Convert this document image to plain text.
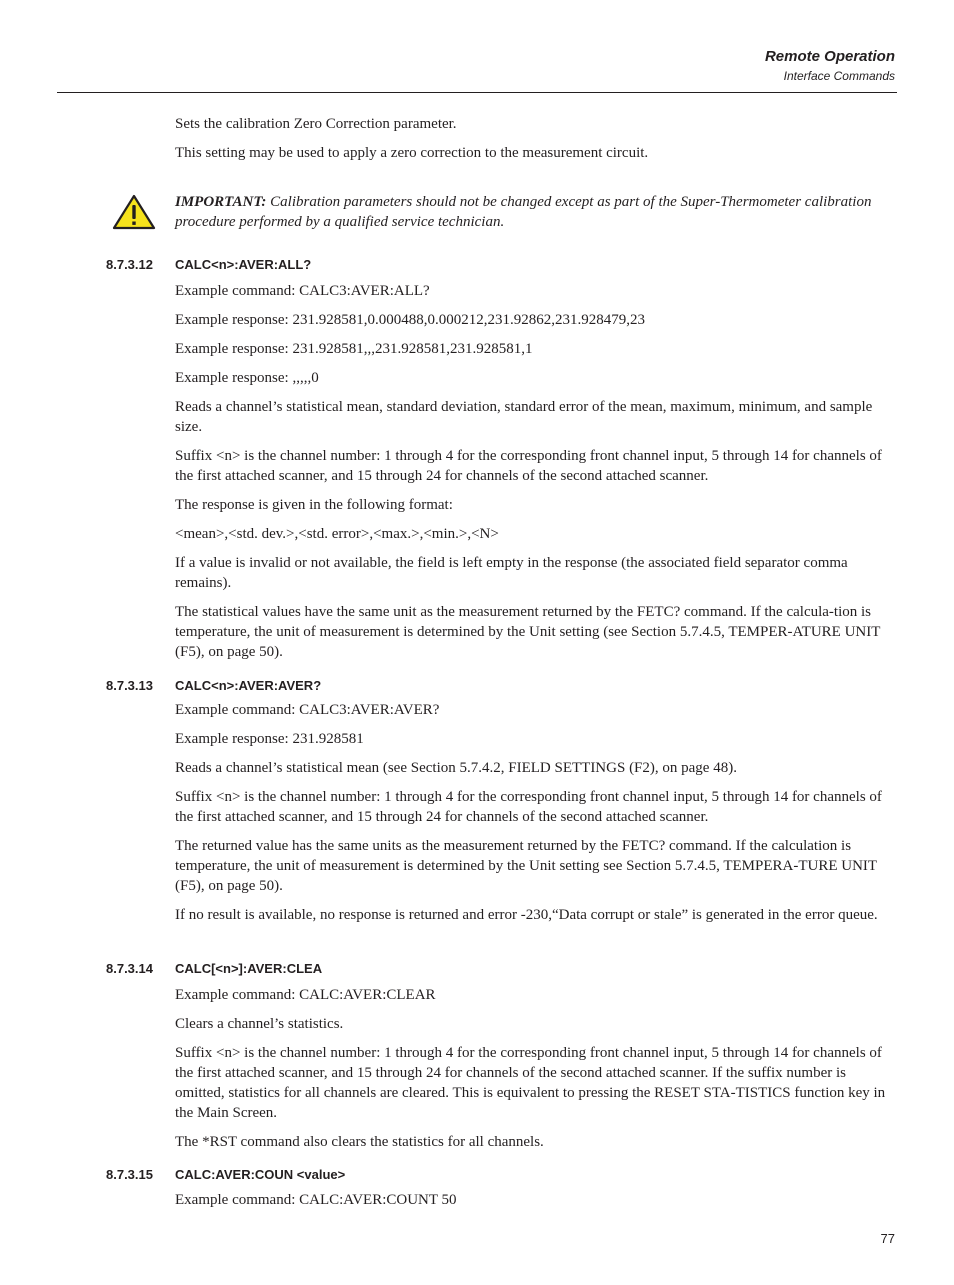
Remote Operation
Interface Commands

Sets the calibration Zero Correction parameter.

This setting may be used to apply a zero correction to the measurement circuit.

IMPORTANT: Calibration parameters should not be changed except as part of the Super-Thermometer calibration procedure performed by a qualified service technician.
8.7.3.12 CALC<n>:AVER:ALL?

Example command: CALC3:AVER:ALL?

Example response: 231.928581,0.000488,0.000212,231.92862,231.928479,23

Example response: 231.928581,,,231.928581,231.928581,1

Example response: ,,,,,0

Reads a channel’s statistical mean, standard deviation, standard error of the mean, maximum, minimum, and sample size.

Suffix <n> is the channel number: 1 through 4 for the corresponding front channel input, 5 through 14 for channels of the first attached scanner, and 15 through 24 for channels of the second attached scanner.

The response is given in the following format:

<mean>,<std. dev.>,<std. error>,<max.>,<min.>,<N>

If a value is invalid or not available, the field is left empty in the response (the associated field separator comma remains).

The statistical values have the same unit as the measurement returned by the FETC? command. If the calcula-tion is temperature, the unit of measurement is determined by the Unit setting (see Section 5.7.4.5, TEMPER-ATURE UNIT (F5), on page 50).

8.7.3.13 CALC<n>:AVER:AVER?

Example command: CALC3:AVER:AVER?

Example response: 231.928581

Reads a channel’s statistical mean (see Section 5.7.4.2, FIELD SETTINGS (F2), on page 48).

Suffix <n> is the channel number: 1 through 4 for the corresponding front channel input, 5 through 14 for channels of the first attached scanner, and 15 through 24 for channels of the second attached scanner.

The returned value has the same units as the measurement returned by the FETC? command. If the calculation is temperature, the unit of measurement is determined by the Unit setting see Section 5.7.4.5, TEMPERA-TURE UNIT (F5), on page 50).

If no result is available, no response is returned and error -230,“Data corrupt or stale” is generated in the error queue.

8.7.3.14 CALC[<n>]:AVER:CLEA

Example command: CALC:AVER:CLEAR

Clears a channel’s statistics.

Suffix <n> is the channel number: 1 through 4 for the corresponding front channel input, 5 through 14 for channels of the first attached scanner, and 15 through 24 for channels of the second attached scanner. If the suffix number is omitted, statistics for all channels are cleared. This is equivalent to pressing the RESET STA-TISTICS function key in the Main Screen.

The *RST command also clears the statistics for all channels.

8.7.3.15 CALC:AVER:COUN <value>

Example command: CALC:AVER:COUNT 50

77
